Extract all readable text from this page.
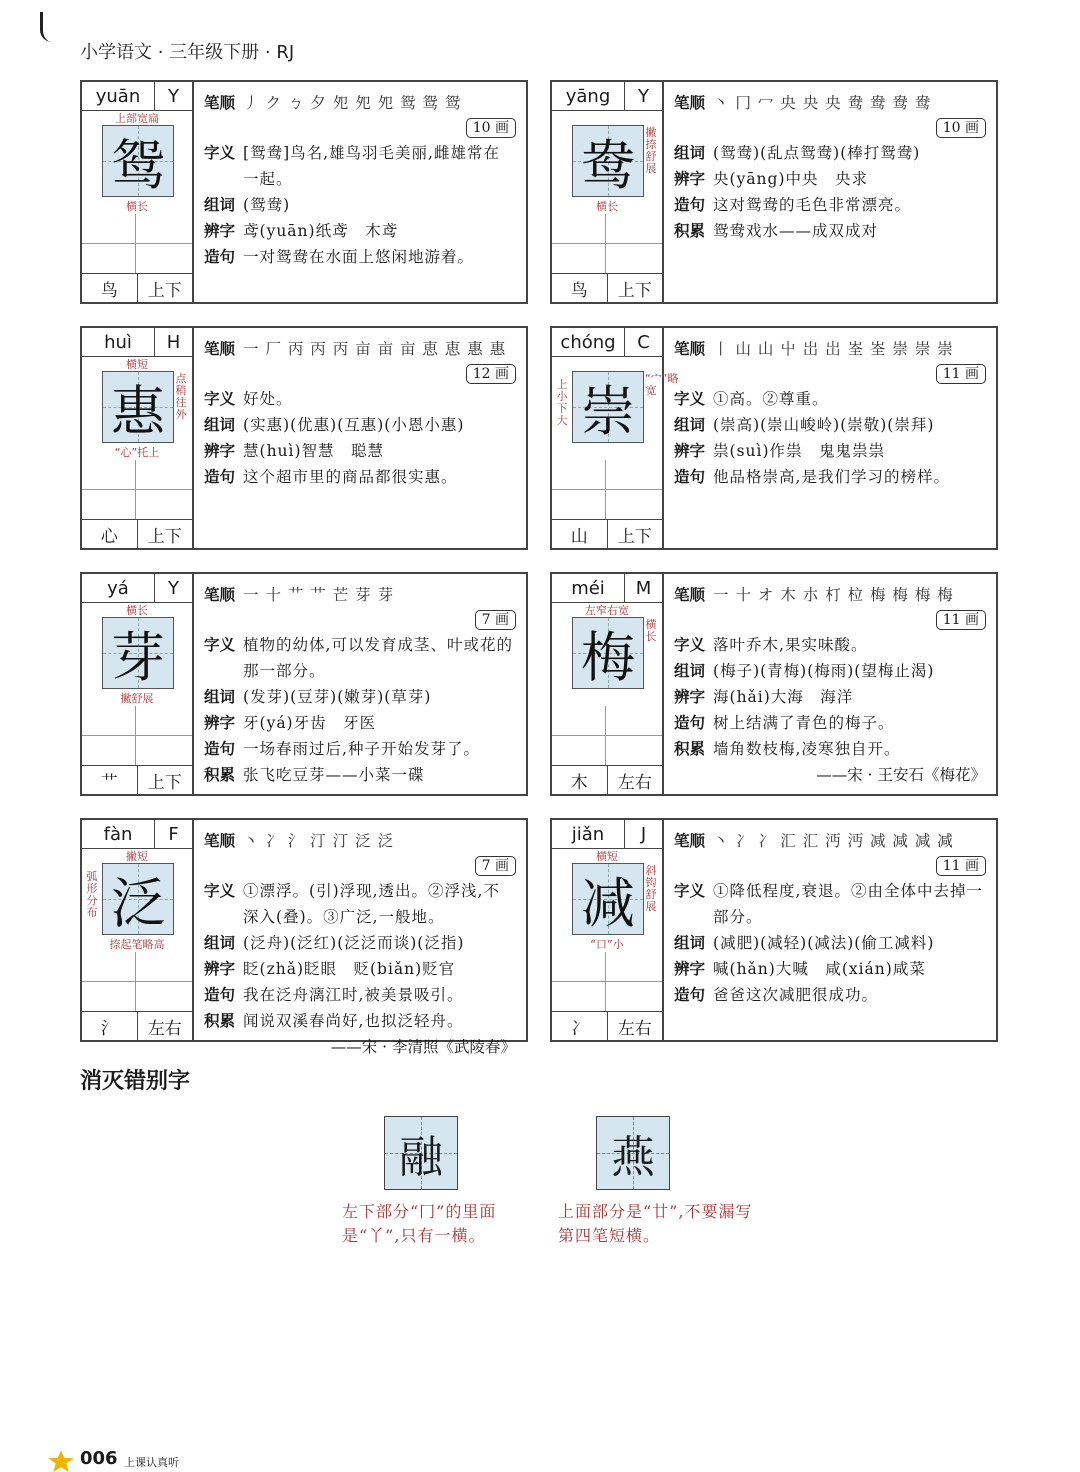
小学语文 · 三年级下册 · RJ
yuān	Y
上部宽扁
鸳
横长
鸟	上下
笔顺 丿 ク ㄅ 夕 夗 夗 夗 鸳 鸳 鸳
10 画
字义 [鸳鸯]鸟名,雄鸟羽毛美丽,雌雄常在一起。
组词 (鸳鸯)
辨字 鸢(yuān)纸鸢　木鸢
造句 一对鸳鸯在水面上悠闲地游着。
yāng	Y
鸯
横长
撇捺舒展
鸟	上下
笔顺 丶 冂 冖 央 央 央 鸯 鸯 鸯 鸯
10 画
组词 (鸳鸯)(乱点鸳鸯)(棒打鸳鸯)
辨字 央(yāng)中央　央求
造句 这对鸳鸯的毛色非常漂亮。
积累 鸳鸯戏水——成双成对
huì	H
横短
惠
“心”托上
点稍往外
心	上下
笔顺 一 厂 丙 丙 丙 亩 亩 亩 恵 恵 惠 惠
12 画
字义 好处。
组词 (实惠)(优惠)(互惠)(小恩小惠)
辨字 慧(huì)智慧　聪慧
造句 这个超市里的商品都很实惠。
chóng	C
崇
“宀”略宽
上小下大
山	上下
笔顺 丨 山 山 屮 岀 岀 峑 峑 崇 崇 崇
11 画
字义 ①高。②尊重。
组词 (崇高)(崇山峻岭)(崇敬)(崇拜)
辨字 祟(suì)作祟　鬼鬼祟祟
造句 他品格崇高,是我们学习的榜样。
yá	Y
横长
芽
撇舒展
艹	上下
笔顺 一 十 艹 艹 芒 芽 芽
7 画
字义 植物的幼体,可以发育成茎、叶或花的那一部分。
组词 (发芽)(豆芽)(嫩芽)(草芽)
辨字 牙(yá)牙齿　牙医
造句 一场春雨过后,种子开始发芽了。
积累 张飞吃豆芽——小菜一碟
méi	M
左窄右宽
梅
横长
木	左右
笔顺 一 十 オ 木 朩 朾 柆 梅 梅 梅 梅
11 画
字义 落叶乔木,果实味酸。
组词 (梅子)(青梅)(梅雨)(望梅止渴)
辨字 海(hǎi)大海　海洋
造句 树上结满了青色的梅子。
积累 墙角数枝梅,凌寒独自开。
——宋 · 王安石《梅花》
fàn	F
撇短
泛
捺起笔略高
弧形分布
氵	左右
笔顺 丶 冫 氵 汀 汀 泛 泛
7 画
字义 ①漂浮。(引)浮现,透出。②浮浅,不深入(叠)。③广泛,一般地。
组词 (泛舟)(泛红)(泛泛而谈)(泛指)
辨字 眨(zhǎ)眨眼　贬(biǎn)贬官
造句 我在泛舟漓江时,被美景吸引。
积累 闻说双溪春尚好,也拟泛轻舟。
——宋 · 李清照《武陵春》
jiǎn	J
横短
减
“口”小
斜钩舒展
冫	左右
笔顺 丶 冫 冫 汇 汇 沔 沔 减 减 减 减
11 画
字义 ①降低程度,衰退。②由全体中去掉一部分。
组词 (减肥)(减轻)(减法)(偷工减料)
辨字 喊(hǎn)大喊　咸(xián)咸菜
造句 爸爸这次减肥很成功。
消灭错别字
融
左下部分“冂”的里面是“丫”,只有一横。
燕
上面部分是“廿”,不要漏写第四笔短横。
006 上课认真听
